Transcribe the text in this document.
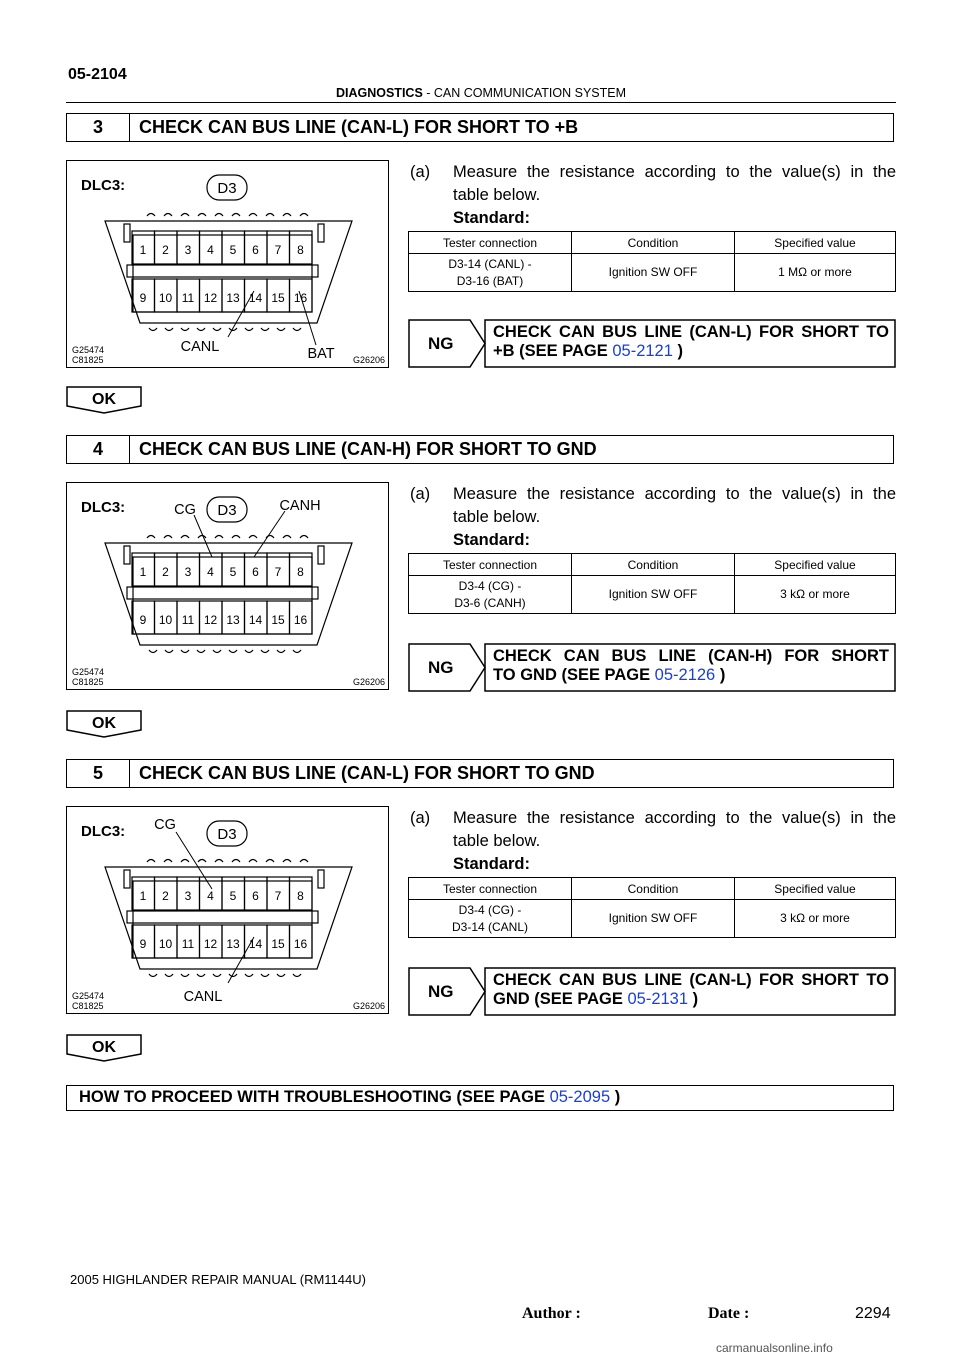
05-2104
DIAGNOSTICS - CAN COMMUNICATION SYSTEM
3	CHECK CAN BUS LINE (CAN-L) FOR SHORT TO +B
1
9
2
10
3
11
4
12
5
13
6
14
7
15
8
16
DLC3:	D3
G25474
C81825	G26206
CANL	BAT
(a) Measure the resistance according to the value(s) in the
table below.
Standard:
Tester connection	Condition	Specified value
D3-14 (CANL) -
D3-16 (BAT)	Ignition SW OFF	1 MΩ or more
NG
CHECK CAN BUS LINE (CAN-L) FOR SHORT TO
+B (SEE PAGE 05-2121 )
OK
4	CHECK CAN BUS LINE (CAN-H) FOR SHORT TO GND
1
9
2
10
3
11
4
12
5
13
6
14
7
15
8
16
DLC3:	D3
G25474
C81825	G26206
CG	CANH
(a) Measure the resistance according to the value(s) in the
table below.
Standard:
Tester connection	Condition	Specified value
D3-4 (CG) -
D3-6 (CANH)	Ignition SW OFF	3 kΩ or more
NG
CHECK CAN BUS LINE (CAN-H) FOR SHORT
TO GND (SEE PAGE 05-2126 )
OK
5	CHECK CAN BUS LINE (CAN-L) FOR SHORT TO GND
1
9
2
10
3
11
4
12
5
13
6
14
7
15
8
16
DLC3:	D3
G25474
C81825	G26206
CG
CANL
(a) Measure the resistance according to the value(s) in the
table below.
Standard:
Tester connection	Condition	Specified value
D3-4 (CG) -
D3-14 (CANL)	Ignition SW OFF	3 kΩ or more
NG
CHECK CAN BUS LINE (CAN-L) FOR SHORT TO
GND (SEE PAGE 05-2131 )
OK
HOW TO PROCEED WITH TROUBLESHOOTING (SEE PAGE 05-2095 )
2005 HIGHLANDER REPAIR MANUAL (RM1144U)
Author :	Date :	2294
carmanualsonline.info
